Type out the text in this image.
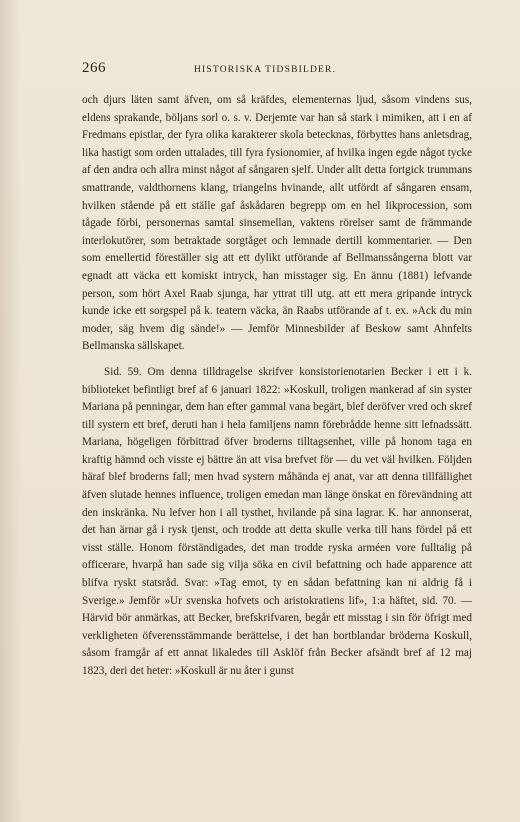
266	HISTORISKA TIDSBILDER.

och djurs läten samt äfven, om så kräfdes, elementernas ljud, såsom vindens sus, eldens sprakande, böljans sorl o. s. v. Derjemte var han så stark i mimiken, att i en af Fredmans epistlar, der fyra olika karakterer skola betecknas, förbyttes hans anletsdrag, lika hastigt som orden uttalades, till fyra fysionomier, af hvilka ingen egde något tycke af den andra och allra minst något af sångaren sjelf. Under allt detta fortgick trummans smattrande, valdthornens klang, triangelns hvinande, allt utfördt af sångaren ensam, hvilken stående på ett ställe gaf åskådaren begrepp om en hel likprocession, som tågade förbi, personernas samtal sinsemellan, vaktens rörelser samt de främmande interlokutörer, som betraktade sorgtåget och lemnade dertill kommentarier. — Den som emellertid föreställer sig att ett dylikt utförande af Bellmanssångerna blott var egnadt att väcka ett komiskt intryck, han misstager sig. En ännu (1881) lefvande person, som hört Axel Raab sjunga, har yttrat till utg. att ett mera gripande intryck kunde icke ett sorgspel på k. teatern väcka, än Raabs utförande af t. ex. »Ack du min moder, säg hvem dig sände!» — Jemför Minnesbilder af Beskow samt Ahnfelts Bellmanska sällskapet.

Sid. 59. Om denna tilldragelse skrifver konsistorienotarien Becker i ett i k. biblioteket befintligt bref af 6 januari 1822: »Koskull, troligen mankerad af sin syster Mariana på penningar, dem han efter gammal vana begärt, blef deröfver vred och skref till systern ett bref, deruti han i hela familjens namn förebrådde henne sitt lefnadssätt. Mariana, högeligen förbittrad öfver broderns tilltagsenhet, ville på honom taga en kraftig hämnd och visste ej bättre än att visa brefvet för — du vet väl hvilken. Följden häraf blef broderns fall; men hvad systern måhända ej anat, var att denna tillfällighet äfven slutade hennes influence, troligen emedan man länge önskat en förevändning att den inskränka. Nu lefver hon i all tysthet, hvilande på sina lagrar. K. har annonserat, det han ärnar gå i rysk tjenst, och trodde att detta skulle verka till hans fördel på ett visst ställe. Honom förständigades, det man trodde ryska arméen vore fulltalig på officerare, hvarpå han sade sig vilja söka en civil befattning och hade apparence att blifva ryskt statsråd. Svar: »Tag emot, ty en sådan befattning kan ni aldrig få i Sverige.» Jemför »Ur svenska hofvets och aristokratiens lif», 1:a häftet, sid. 70. — Härvid bör anmärkas, att Becker, brefskrifvaren, begår ett misstag i sin för öfrigt med verkligheten öfverensstämmande berättelse, i det han bortblandar bröderna Koskull, såsom framgår af ett annat likaledes till Asklöf från Becker afsändt bref af 12 maj 1823, deri det heter: »Koskull är nu åter i gunst
